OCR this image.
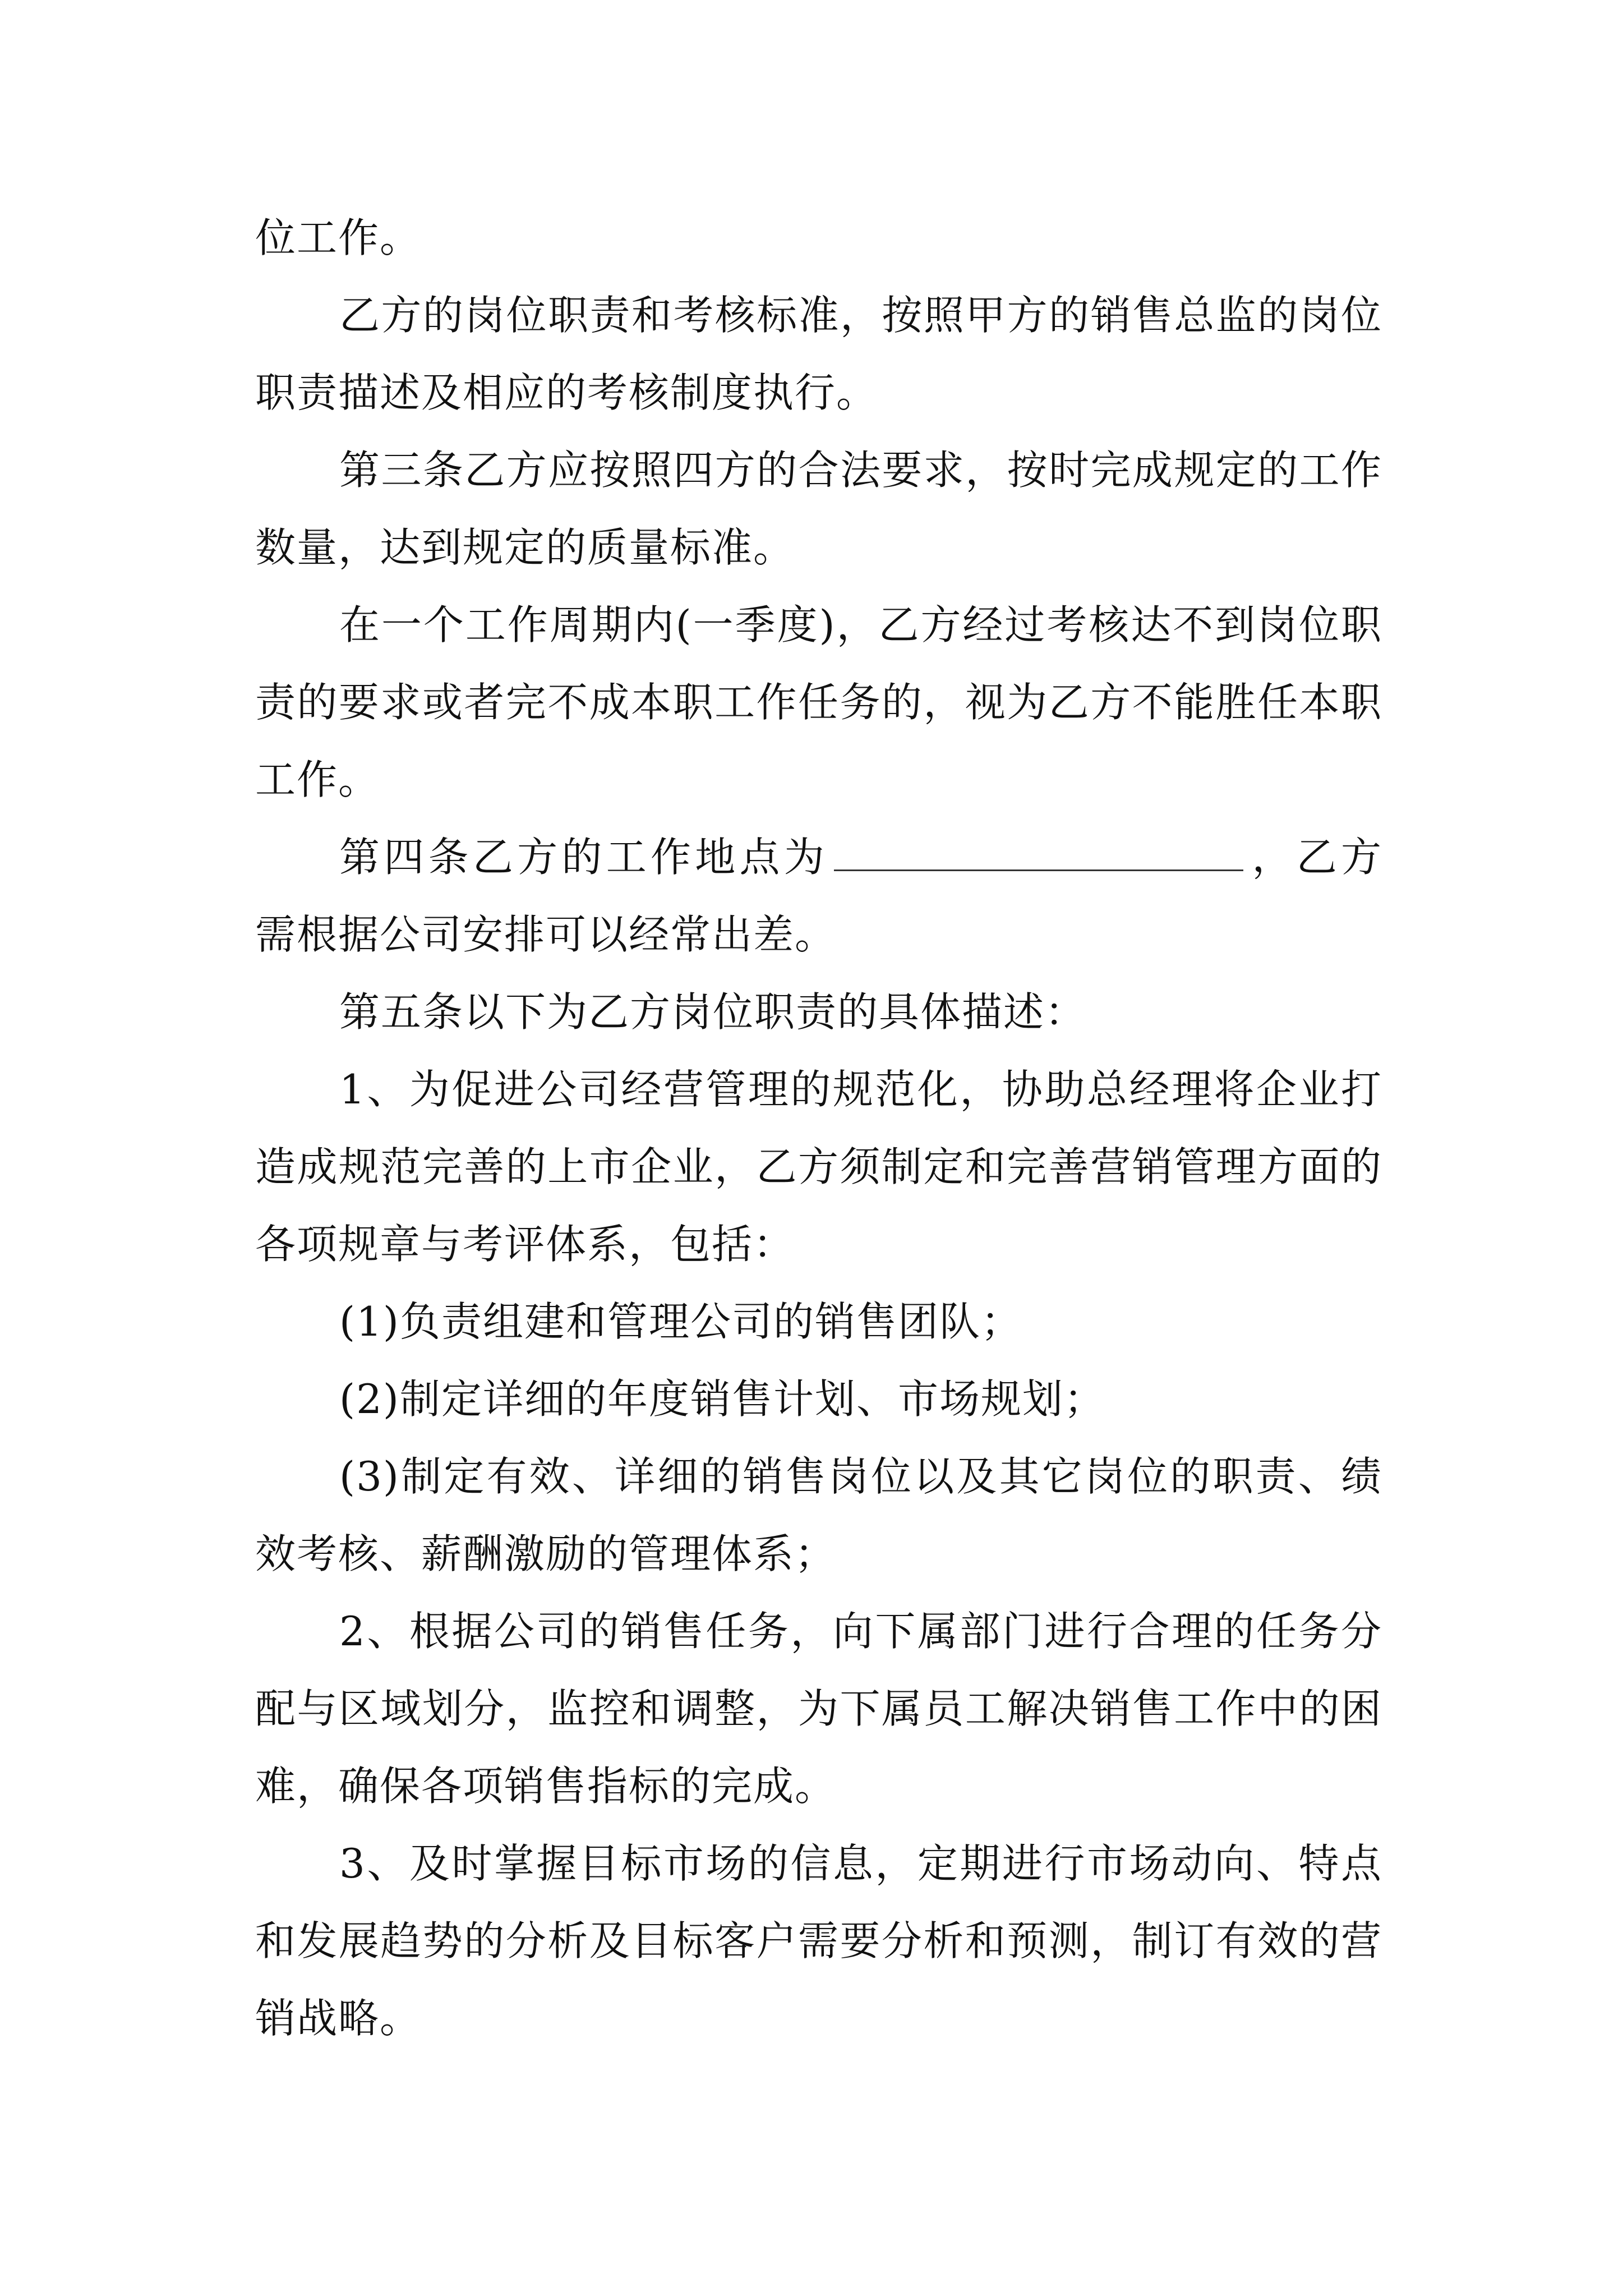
位工作。

乙方的岗位职责和考核标准，按照甲方的销售总监的岗位职责描述及相应的考核制度执行。

第三条乙方应按照四方的合法要求，按时完成规定的工作数量，达到规定的质量标准。

在一个工作周期内(一季度)，乙方经过考核达不到岗位职责的要求或者完不成本职工作任务的，视为乙方不能胜任本职工作。

第四条乙方的工作地点为	，乙方需根据公司安排可以经常出差。

第五条以下为乙方岗位职责的具体描述：

1、为促进公司经营管理的规范化，协助总经理将企业打造成规范完善的上市企业，乙方须制定和完善营销管理方面的各项规章与考评体系，包括：

(1)负责组建和管理公司的销售团队；

(2)制定详细的年度销售计划、市场规划；

(3)制定有效、详细的销售岗位以及其它岗位的职责、绩效考核、薪酬激励的管理体系；

2、根据公司的销售任务，向下属部门进行合理的任务分配与区域划分，监控和调整，为下属员工解决销售工作中的困难，确保各项销售指标的完成。

3、及时掌握目标市场的信息，定期进行市场动向、特点和发展趋势的分析及目标客户需要分析和预测，制订有效的营销战略。
